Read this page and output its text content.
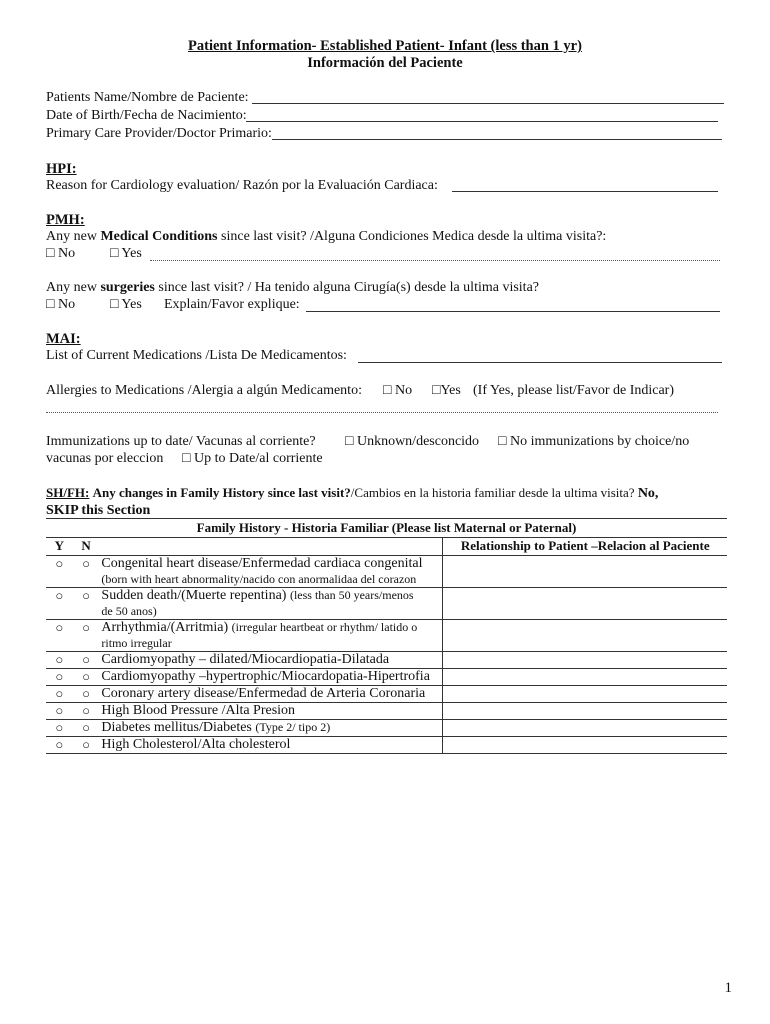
Patient Information- Established Patient- Infant (less than 1 yr)
Información del Paciente
Patients Name/Nombre de Paciente:
Date of Birth/Fecha de Nacimiento:
Primary Care Provider/Doctor Primario:
HPI:
Reason for Cardiology evaluation/ Razón por la Evaluación Cardiaca:
PMH:
Any new Medical Conditions since last visit? /Alguna Condiciones Medica desde la ultima visita?:
□ No □ Yes
Any new surgeries since last visit? / Ha tenido alguna Cirugía(s) desde la ultima visita?
□ No □ Yes Explain/Favor explique:
MAI:
List of Current Medications /Lista De Medicamentos:
Allergies to Medications /Alergia a algún Medicamento: □ No □Yes (If Yes, please list/Favor de Indicar)
Immunizations up to date/ Vacunas al corriente? □ Unknown/desconcido □ No immunizations by choice/no
vacunas por eleccion □ Up to Date/al corriente
SH/FH: Any changes in Family History since last visit?/Cambios en la historia familiar desde la ultima visita? No,
SKIP this Section
Family History - Historia Familiar (Please list Maternal or Paternal)			
Y	N		Relationship to Patient –Relacion al Paciente
○	○	Congenital heart disease/Enfermedad cardiaca congenital
(born with heart abnormality/nacido con anormalidaa del corazon	

○	○	Sudden death/(Muerte repentina) (less than 50 years/menos
de 50 anos)	

○	○	Arrhythmia/(Arritmia) (irregular heartbeat or rhythm/ latido o
ritmo irregular	

○	○	Cardiomyopathy – dilated/Miocardiopatia-Dilatada	
○	○	Cardiomyopathy –hypertrophic/Miocardopatia-Hipertrofia	
○	○	Coronary artery disease/Enfermedad de Arteria Coronaria	
○	○	High Blood Pressure /Alta Presion	
○	○	Diabetes mellitus/Diabetes (Type 2/ tipo 2)	
○	○	High Cholesterol/Alta cholesterol	
1
